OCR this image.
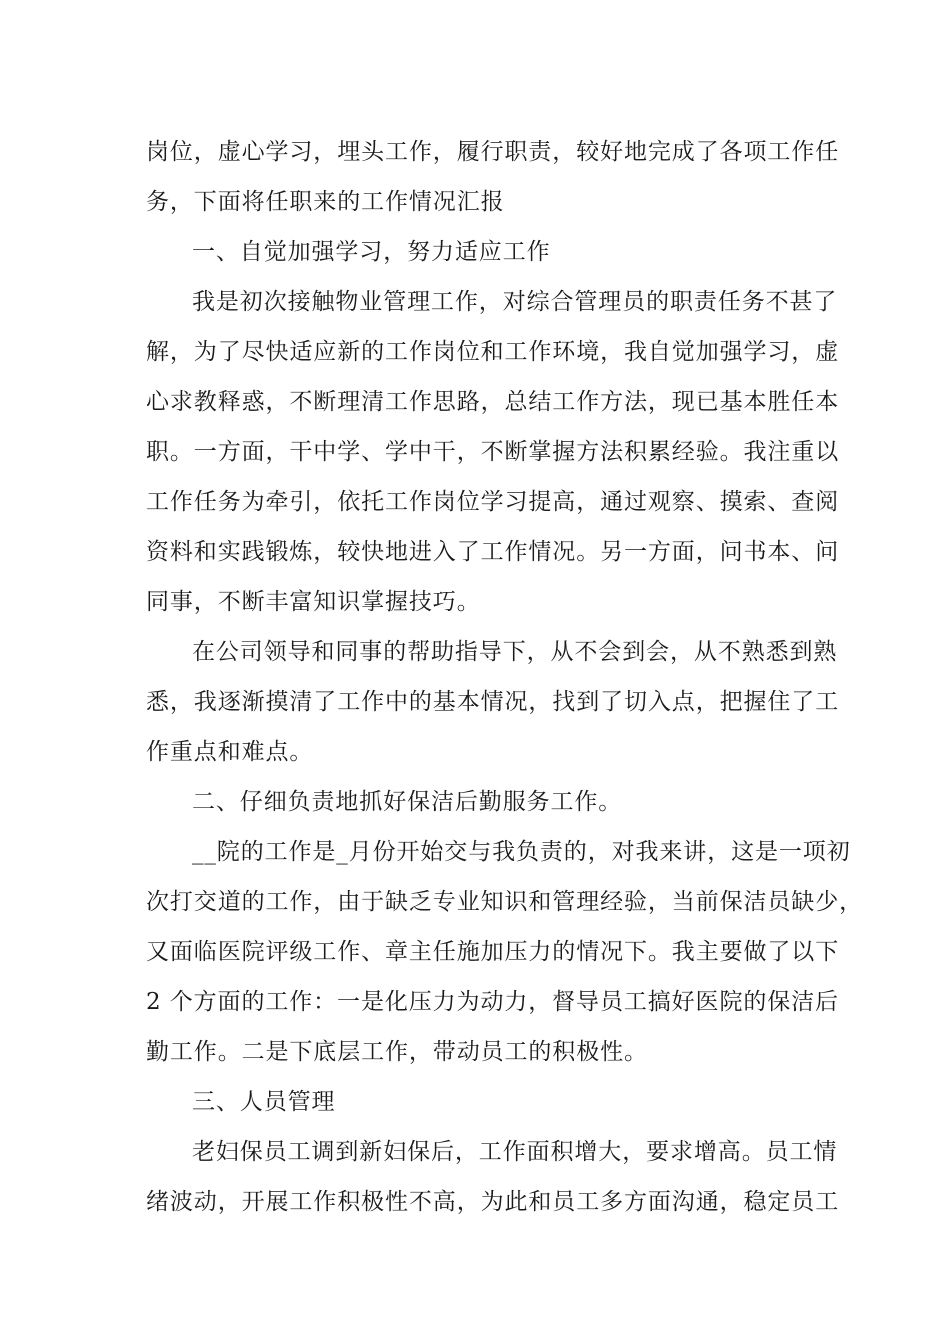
岗位，虚心学习，埋头工作，履行职责，较好地完成了各项工作任
务，下面将任职来的工作情况汇报
一、自觉加强学习，努力适应工作
我是初次接触物业管理工作，对综合管理员的职责任务不甚了
解，为了尽快适应新的工作岗位和工作环境，我自觉加强学习，虚
心求教释惑，不断理清工作思路，总结工作方法，现已基本胜任本
职。一方面，干中学、学中干，不断掌握方法积累经验。我注重以
工作任务为牵引，依托工作岗位学习提高，通过观察、摸索、查阅
资料和实践锻炼，较快地进入了工作情况。另一方面，问书本、问
同事，不断丰富知识掌握技巧。
在公司领导和同事的帮助指导下，从不会到会，从不熟悉到熟
悉，我逐渐摸清了工作中的基本情况，找到了切入点，把握住了工
作重点和难点。
二、仔细负责地抓好保洁后勤服务工作。
__院的工作是_月份开始交与我负责的，对我来讲，这是一项初
次打交道的工作，由于缺乏专业知识和管理经验，当前保洁员缺少，
又面临医院评级工作、章主任施加压力的情况下。我主要做了以下
2 个方面的工作：一是化压力为动力，督导员工搞好医院的保洁后
勤工作。二是下底层工作，带动员工的积极性。
三、人员管理
老妇保员工调到新妇保后，工作面积增大，要求增高。员工情
绪波动，开展工作积极性不高，为此和员工多方面沟通，稳定员工
